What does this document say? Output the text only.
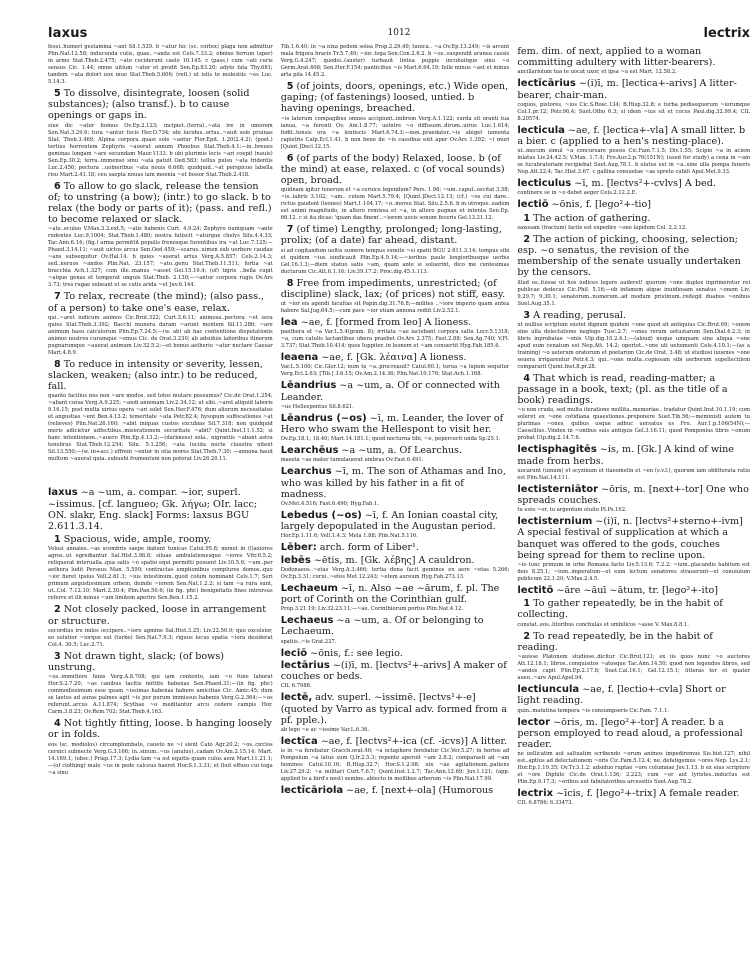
laxus	1012	lectrix

fessi..humeri gestamina ~ant Sil.1.529. b ~atur hic (sc. cortex) plaga non admittur Plin.Nat.12.58; inducenda cutis, quae..~anda est Cels.7.33.2; obnixo ferrum (aper) in armo Stat.Theb.2.475; ~ato ceciderunt caelo 10.145. c (pass.) cum ~ati curis sensus Cic. 1.44; omne uitium ~atur et prodit Sen.Ep.83.20; adyto fata Thy.681; tandem ~ata dolori uox inue Stat.Theb.5.606; (refl.) ut istis te molestiis ~es Luc. 5.14.3.

5 To dissolve, disintegrate, loosen (solid substances); (also transf.). b to cause openings or gaps in.

siue dic ~atur humus Ov.Ep.2.123; incipiet..(terra)..~ata ire in umorem Sen.Nat.3.29.6; tura ~antur focis Her.O.734; ubi lucidus..ortus..~auit sole pruinas Stat. Theb.3.469; Alpina corpora..quasi sole ~antur Flor.Epit. 1.20(2.4.2); (poet.) tertius horrentem Zephyris ~auerat annum Phoebus Stat.Theb.4.1;—in..breues geminas longam ~are secundam Maur.1133. b ubi plurimis locis ~ari coepit (nauis) Sen.Ep.30.2; terra..immenso sinu ~ata patuit Oed.583; tellus pulsu ~ata tridentis Luc.2.456; pectora ..uolneribus ~ata nouis 6.668; quidquid..~at perspicuo labella risu Mart.2.41.18; ceu saepta nouus iam moenia ~et fossor Stat.Theb.2.418.

6 To allow to go slack, release the tension of; to unstring (a bow); (intr.) to go slack. b to relax (the body or parts of it); (pass. and refl.) to become relaxed or slack.

~ato..eculeo V.Max.3.3.ext.5; ~atis habenis Curt. 4.9.24; Zephyro numquam ~ante rudentes Luc.9.1004; Stat.Theb.1.480; nostra fatiscit ~aturque chelys Silu.4.4.33; Tac.Ann.6.14; (fig.) arma permittit populis frenosque furentibus ira ~at Luc.7.125;—Phaed.3.14.11; ~auit uictos arcus Sen.Oed.459;—scarus..uimen sub uerbere caudae ~ans subsequitur Ov.Hal.14. b quies ~auerat artus Verg.A.5.857; Cels.2.14.3; sed..neruos ~andos Plin.Nat. 23.157; ~ato..genu Stat.Theb.11.511; fortia ~at bracchia Ach.1.327; cum ille..manus ~asset Gel.15.16.4; (of) tigris ..bella cupit ~atque genas et temperat unguis Stat.Theb. 2.130;—~antur corpora rugis Ov.Ars 3.73; tres rugae subeant et se cutis arida ~et Juv.6.144.

7 To relax, recreate (the mind); (also pass., of a person) to take one's ease, relax.

qui..~aret iudicum animos Cic.Brut.322; Curt.3.6.11; animosa..pectora ~et sera quies Stat.Theb.3.392; Bacchi munera duram ~arunt mentem Sil.11.286; ~are animum basu calculorum Plin.Ep.7.24.5;—(w. ab) ab hac contentione disputationis animos nostros curamque ~emus Cic. de Orat.3.230; ab adsiduis laboribus itinerum pugnarumque ~auerat animum Liv.32.5.2;—et bonus aetherio ~atur nectare Caesar Mart.4.8.9.

8 To reduce in intensity or severity, lessen, slacken, weaken; (also intr.) to be reduced, fall.

quanto facilius nos non ~are modos, sed totos mutare possumus? Cic.de Orat.1.254; ~abant curas Verg.A.9.225; ~andi annonam Liv.2.34.12; ut sibi..~aret aliquid laboris 9.16.15; post multa uirtus opera ~ari solet Sen.Her.F.476; dum aliorum necessitates et angustias ~ent Ben.4.13.2; temeritate ~ata Petr.82.4; hysopum suffocationes ~at (relieves) Plin.Nat.26.160; ~abit iniquas custos excubias Sil.7.318; non quidquid meris adicietur adfectibus..miserationem securitate ~abit? Quint.Inst.11.1.52; si hanc intentionem..~auero Plin.Ep.4.13.2;—(darkness) sola.. nigrantis ~abant astra tenebras Stat.Theb.12.254; Silu. 5.1.256; ~ata lucida nocte claustra nitent Sil.13.550;—(w. in+acc.) effreni ~entur in otia mores Stat.Theb.7.30; —annona haud multum ~auerat quia..subuehi frumentum non poterat Liv.26.20.11.

laxus ~a ~um, a. compar. ~ior, superl. ~issimus. [cf. langueo; Gk. λήγω; OIr. lacc; ON. slakr, Eng. slack] Forms: laxsus BGU 2.611.3.14.

1 Spacious, wide, ample, roomy.

Volusi annales..~as scombris saepe dabunt tunicas Catul.95.8; monet in (l)axiores agros..ut egrediantur Sal.Hist.3.98.8; siluae ambulationesque ~iores Vitr.6.5.2; reliquerat interualla..qua satis ~o spatio equi permitti possent Liv.10.5.6; ~um..per aethera ludit Perseus Man. 5.599; contractas emptionibus complures domos..quo ~ior fieret ipsius Vell.2.81.3; ~ius intestinum..quod colum nominant Cels.1.7; Seri primum angustissimum orbem, deinde ~iorem Sen.Nat.1.2.2; si tam ~a rura sunt, ut..Col. 7.12.10; Mart.2.30.4; Plin.Pan.50.6; (in fig. phr.) benignitatis fines introrsus referre et illi minus ~um limitem aperire Sen.Ben.1.15.2.

2 Not closely packed, loose in arrangement or structure.

socordius ire miles occipere..~iore agmine Sal.Hist.3.25; Liv.22.50.9; quo excelsior, eo solutior ~iorque est (turbo) Sen.Nat.7.9.3; riguus locus spatia ~iora desiderat Col.4. 30.5; Luc.2.71.

3 Not drawn tight, slack; (of bows) unstrung.

~os..immittere funis Verg.A.8.708; qui iam contento, iam ~o fune laborat Hor.S.2.7.20; ~as canibus tacitis mittite habenas Sen.Phaed.31;—(in fig. phr.) commodissimum esse quam ~issimas habenas habere amicitiae Cic. Amic.45; dum se laetus ad auras palmes agit ~is per purum immissus habenis Verg.G.2.364;—~os referunt..arcus A.11.874; Scythae ~o meditantur arcu cedere campis Hor. Carm.3.8.23; Ov.Rem.702; Stat.Theb.4.163.

4 Not tightly fitting, loose. b hanging loosely or in folds.

eos (sc. modiolos) circumplumbato, caueto ne ~i sient Cato Agr.20.2; ~os..circlos ceruici subnecte Verg.G.3.166; in..sinum..~us (anulus)..cadam Ov.Am.2.15.14; Mart. 14.169.1; (obsc.) Priap.17.3; Lydia tam ~a est equitis quam culus aeni Mart.11.21.1;—(of clothing) male ~us in pede calceus haeret Hor.S.1.3.31; et fluit effuso cui toga ~a sinu

Tib.1.6.40; in ~a nixa pedem solea Prop.2.29.40; tunica.. ~a Ov.Ep.13.249; ~is arcent mala frigora bracis Tr.5.7.49; ~ior..toga Sen.Con.2.6.2. b ~os..suspendit aranea cassis Verg.G.4.247; quodsi..(auster) turbauit lintea puppis incubuitque sinu ~o Germ.Arat.408; Sen.Her.F.154; panticibus ~is Mart.6.64.19; folle minus ~ast et minus arta pila 14.45.2.

5 (of joints, doors, openings, etc.) Wide open, gaping; (of fastenings) loosed, untied. b having openings, breached.

~is laterum compagibus omnes accipiunt..imbrem Verg.A.1.122; surda sit oranti tua ianua, ~a ferenti Ov. Am.1.8.77; uolntre ~o diffusum..dirum..uirus Luc.1.614; fodit..tonsis ora ~a lentiscis Mart.6.74.3;—non..praedator..~is abiget iumenta capistris Calp.Ecl.1.41. b non bene de ~is cassibus exit aper Ov.Ars 1.392; ~i muri [Quint.]Decl.12.15.

6 (of parts of the body) Relaxed, loose. b (of the mind) at ease, relaxed. c (of vocal sounds) open, broad.

quidnam igitur tenerum et ~a ceruice legendum? Pers. 1.98; ~um..caput..oscitat 3.58; ~is..labris 3.102; ~am.. cutem Mart.5.79.4; [Quint.]Decl.12.13; (cf.) ~os cui dare.. rictus gaudent (leones) Mart.1.104.17; ~o..morsu Stat. Silu.2.5.6. b in utroque..eadem est animi magnitudo, in altero remissa et ~a, in altero pugnax et intenta Sen.Ep. 66.12. c si ita dicas: 'quam das finem'..~iorem uocis sonum feceris Gel.13.21.12.

7 (of time) Lengthy, prolonged; long-lasting, prolix; (of a date) far ahead, distant.

si ad cogitandum uoltis sumere tempus sumite ~si spatii BGU 2.611.3.14; tempus sibi et quidem ~ius uindicauit Plin.Ep.4.9.14;—~ioribus paulo longioribusque uerbis Gel.16.1.3;—diem statuo satis ~am, quam ante si soluerint, dico me centesimas ducturum Cic.Att.6.1.16; Liv.39.17.2; Proc.dig.45.1.113.

8 Free from impediments, unrestricted; (of discipline) slack, lax; (of prices) not stiff, easy.

ut ~ior eis agendi facultas sit Papin.dig.31.76.8;—milites ..~iore imperio quam antea habere Sal.Jug.64.5;—cum pace ~ior etiam annona rediit Liv.2.52.1.

lea ~ae, f. [formed from leo] A lioness.

panthera et ~a Var.L.5.4(gram. 8); irritata ~ae iaciebant corpora saltu Lucr.5.1318; ~a, cum catulis lactantibus ubera praebet Ov.Ars 2.375; Fast.2.88; Sen.Ag.740; V.Fl. 3.737; Stat.Theb.10.414; quos Iuppiter..in leonem et ~am conuertit Hyg.Fab.185.6.

leaena ~ae, f. [Gk. λέαινα] A lioness.

Var.L.5.100; Cic.Glor.12; num te ~a..procreauit? Catul.60.1; torua ~a lupum sequitur Verg.Ecl.2.63; [Tib.] 3.6.15; Ov.Am.2.14.36; Plin.Nat.10.176; Stat.Ach.1.168.

Lēandrius ~a ~um, a. Of or connected with Leander.

~us Hellespontus Sil.8.621.

Lēandrus (~os) ~ī, m. Leander, the lover of Hero who swam the Hellespont to visit her.

Ov.Ep.18.1; 18.40; Mart.14.181.1; quod nocturna tibi, ~e, pepercerit unda Sp.25.1.

Learchēus ~a ~um, a. Of Learchus.

maesta ~as mater tumulauerat umbras Ov.Fast.6.491.

Learchus ~ī, m. The son of Athamas and Ino, who was killed by his father in a fit of madness.

Ov.Met.4.516; Fast.6.490; Hyg.Fab.1.

Lebedus (~os) ~ī, f. An Ionian coastal city, largely depopulated in the Augustan period.

Hor.Ep.1.11.6; Vell.1.4.3; Mela 1.88; Plin.Nat.5.116.

Lēber: arch. form of Liber¹.

lebēs ~ētis, m. [Gk. λέβης] A cauldron.

Dodonaeos..~etas Verg.A.3.466; tertia dona facit geminos ex aere ~etas 5.266; Ov.Ep.3.31; curui..~etes Met.12.243; ~etem aureum Hyg.Fab.273.13.

Lechaeum ~ī, n. Also ~ae ~ārum, f. pl. The port of Corinth on the Corinthian gulf.

Prop.3.21.19; Liv.32.23.11;—~ae, Corinthiorum portus Plin.Nat.4.12.

Lechaeus ~a ~um, a. Of or belonging to Lechaeum.

spatiis..~is Grat.227.

leciō ~ōnis, f.: see legio.

lectārius ~(i)ī, m. [lectvs²+-arivs] A maker of couches or beds.

CIL 6.7988.

lectē, adv. superl. ~issimē. [lectvs¹+-e] (quoted by Varro as typical adv. formed from a pf. pple.).

ab lego ~e ac ~issime Var.L.6.36.

lectīca ~ae, f. [lectvs²+-ica (cf. -icvs)] A litter.

is in ~a ferebatur Gracch.orat.46; ~a octaphoro ferebatur Cic.Ver.5.27; in hortos ad Pompeium ~a latus sum Q.fr.2.5.3; repente aperuit ~am 2.8.2; comparasti ad ~am homines Catul.10.16; B.Hisp.32.7; Hor.S.1.2.98; uix ~ae agitationem..patiens Liv.27.29.2; ~a militari Curt.7.6.7; Quint.Inst.1.2.7; Tac.Ann.12.69; Juv.1.121; (app. applied to a bird's nest) semine..abiecto in mollibus arborum ~is Plin.Nat.17.99.

lectīcāriola ~ae, f. [next+-ola] (Humorous

fem. dim. of next, applied to a woman committing adultery with litter-bearers).

ancillariolum tua te uocat uxor, et ipsa ~a est Mart. 12.58.2.

lectīcārius ~(i)ī, m. [lectica+-arivs] A litter-bearer, chair-man.

coquos, pistores, ~ios Cic.S.Rosc.134; B.Hisp.32.8; e turba pedisequorum ~iorumque Col.1.pr.12; Petr.96.4; Suet.Otho 6.3; si idem ~ius sit et cocus Paul.dig.32.99.4; CIL 8.20574.

lecticula ~ae, f. [lectica+-vla] A small litter. b a bier. c (applied to a hen's nesting-place).

ut..mecum simul ~a concursare possis Cic.Fam.7.1.5; Div.1.55; Scipio ~a in aciem inlatus Liv.24.42.5; V.Max. 1.7.4; Fro.Aur.2.p.76(151N); (used for study) a cena in ~am se lucubratoriam recipiebat Suet.Aug.78.1. b elatus est in ~a..sine ulla pompa funeris Nep.Att.22.4; Tac.Hist.3.67. c gallina consuetae ~ae spreto cubili Apul.Met.9.33.

lecticulus ~ī, m. [lectvs²+-cvlvs] A bed.

continere se in ~o debet aeger Cels.2.12.2.E.

lectiō ~ōnis, f. [lego²+-tio]

1 The action of gathering.

saxosam (tractum) facile est expedire ~one lapidum Col. 2.2.12.

2 The action of picking, choosing, selection; esp. ~o senatus, the revision of the membership of the senate usually undertaken by the censors.

illud os..fuisse ut hos iudices legere auderet! quorum ~one duplex inprimeretur rei publicae dedecus Cic.Phil. 5.16;—ob infamem atque inuidiosam senatus ~onem Liv. 9.29.7; 9.30.1; senatorum..numerum..ad modum pristinum..redegit duabus ~onibus Suet.Aug.35.1.

3 A reading, perusal.

ut nullius scriptum exstet dignum quidem ~one quod sit antiquius Cic.Brut.69; ~onem sine ulla delectatione neglego Tusc.2.7; ~ones rerum uetustarum Sen.Dial.4.2.3; in libris inprobatae ~onis Ulp.dig.10.2.4.1;—(aloud) neque umquam sine aliqua ~one apud eum cenatum est Nep.Att. 14.2; oportet..~one uti uehementi Cels.4.10.1;—(as a training) ~o ueterum oratorum et poetarum Cic.de Orat. 3.48; ut studiosi iuuenes ~one seuera irrigarentur Petr.4.3; qui..~one multa..copiosam sibi uerborum supellectilem compararit Quint.Inst.8.pr.28.

4 That which is read, reading-matter; a passage in a book, text; (pl. as the title of a book) readings.

~o non cruda, sed multa iteratione mollita..memoriae.. tradatur Quint.Inst.10.1.19; cum soleret ex ~one cotidiana quaestiones..proponere Suet.Tib.56;—meministi autem tu plurimas ~ones, quibus usque adhuc uersatus es Fro. Aur.1.p.106(54N);—Caesellius..Vindex in ~onibus suis antiquis Gel.3.16.11; quod Pomponius libris ~onum probat Ulp.dig.2.14.7.6.

lectisphagitēs ~is, m. [Gk.] A kind of wine made from herbs.

uocarunt (uinum) et scyzinum et itaeomelin et ~en (s.v.l.), quorum iam oblitterata ratio est Plin.Nat.14.111.

lectisterniātor ~ōris, m. [next+-tor] One who spreads couches.

tu esto ~or, tu argentum eluito Pl.Ps.162.

lectisternium ~(i)ī, n. [lectvs²+sterno+-ivm] A special festival of supplication at which a banquet was offered to the gods, couches being spread for them to recline upon.

~io tunc primum in urbe Romana facto Liv.5.13.6; 7.2.2; ~ium..placandis habitum est deis 8.25.1; ~ium..imperatum—et eum lectum senatores strauerunt—et conuiuium publicum 22.1.20; V.Max.2.4.5.

lectitō ~āre ~āuī ~ātum, tr. [lego²+-ito]

1 To gather repeatedly, be in the habit of collecting.

constat..eos..litoribus conchulas et umbilicos ~asse V. Max.8.8.1.

2 To read repeatedly, be in the habit of reading.

~auisse Platonem studiose..dicitur Cic.Brut.121; ex iis quos nunc ~o auctores Att.12.18.1; libros..conquisitos ~atosque Tac.Ann.14.50; quod non legendos libros, sed ~andos capit Plin.Ep.2.17.8; Suet.Cal.16.1; Gel.12.15.1; litteras ter et quater aueo..~are Apul.Apol.94.

lectiuncula ~ae, f. [lectio+-cvla] Short or light reading.

quin..matutina tempora ~is consumpseris Cic.Fam. 7.1.1.

lector ~ōris, m. [lego²+-tor] A reader. b a person employed to read aloud, a professional reader.

ne uellicatim aut saltuatim scribendo ~orum animos impediremus Sis.hist.127; nihil est..aptius ad delectationem ~oris Cic.Fam.5.12.4; ne..defatigemus ~ores Nep. Lys.2.1; Hor.Ep.1.19.35; Ov.Tr.3.1.2; adsiduo ruptae ~ore columnae Juv.1.13. b ex eius scriptore et ~ore Diphilo Cic.de Orat.1.136; 2.223; cum ~or aut lyristes..inductus est Plin.Ep.9.17.3; ~oribus aut fabulatoribus arcessitis Suet.Aug.78.2.

lectrix ~īcis, f. [lego²+-trix] A female reader.

CIL 6.8786; 6.33473.
